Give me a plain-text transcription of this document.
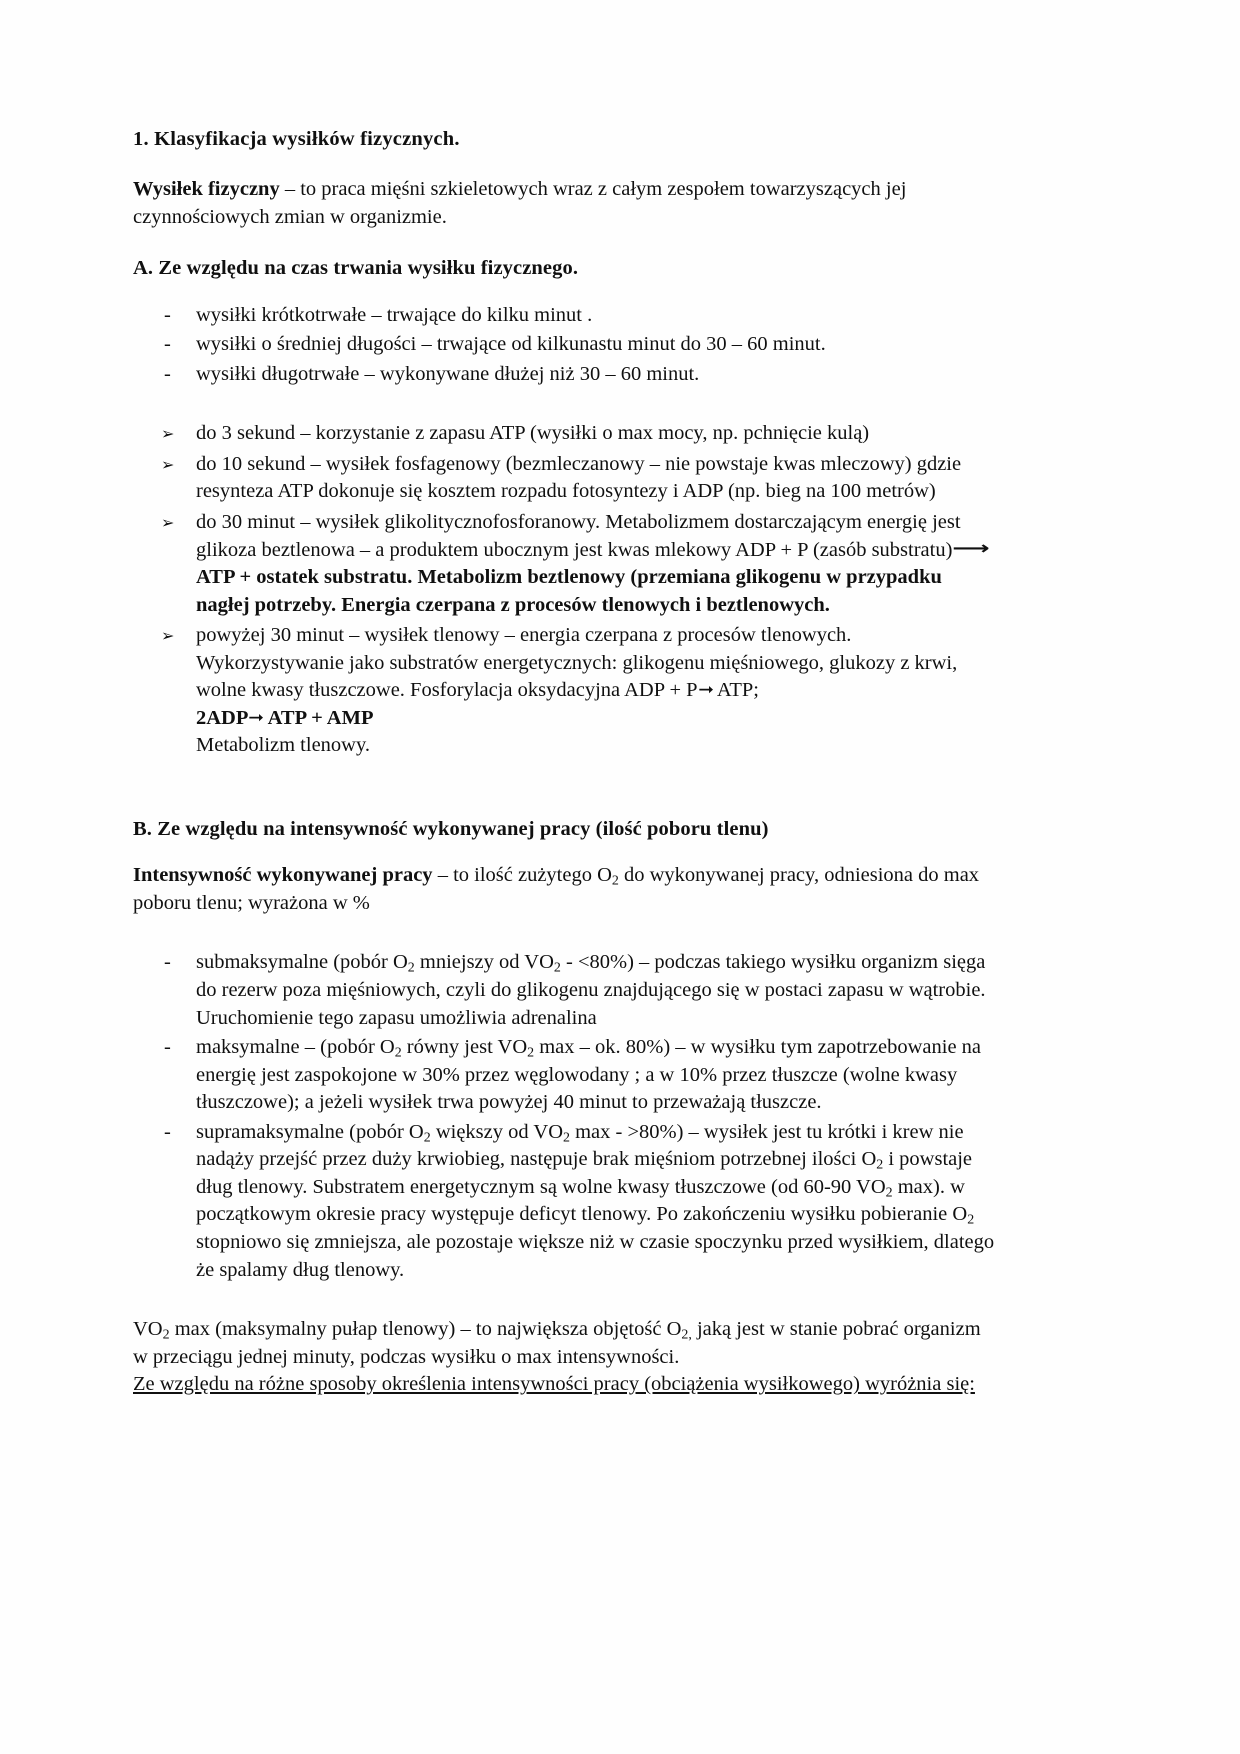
1. Klasyfikacja wysiłków fizycznych.

Wysiłek fizyczny – to praca mięśni szkieletowych wraz z całym zespołem towarzyszących jej czynnościowych zmian w organizmie.

A. Ze względu na czas trwania wysiłku fizycznego.
- wysiłki krótkotrwałe – trwające do kilku minut .
- wysiłki o średniej długości – trwające od kilkunastu minut do 30 – 60 minut.
- wysiłki długotrwałe – wykonywane dłużej niż 30 – 60 minut.
➢ do 3 sekund – korzystanie z zapasu ATP (wysiłki o max mocy, np. pchnięcie kulą)
➢ do 10 sekund – wysiłek fosfagenowy (bezmleczanowy – nie powstaje kwas mleczowy) gdzie resynteza ATP dokonuje się kosztem rozpadu fotosyntezy i ADP (np. bieg na 100 metrów)
➢ do 30 minut – wysiłek glikolitycznofosforanowy. Metabolizmem dostarczającym energię jest glikoza beztlenowa – a produktem ubocznym jest kwas mlekowy ADP + P (zasób substratu)⟶ATP + ostatek substratu. Metabolizm beztlenowy (przemiana glikogenu w przypadku nagłej potrzeby. Energia czerpana z procesów tlenowych i beztlenowych.
➢ powyżej 30 minut – wysiłek tlenowy – energia czerpana z procesów tlenowych. Wykorzystywanie jako substratów energetycznych: glikogenu mięśniowego, glukozy z krwi, wolne kwasy tłuszczowe. Fosforylacja oksydacyjna ADP + P➞ ATP;
2ADP➞ ATP + AMP
Metabolizm tlenowy.
B. Ze względu na intensywność wykonywanej pracy (ilość poboru tlenu)

Intensywność wykonywanej pracy – to ilość zużytego $O_2$ do wykonywanej pracy, odniesiona do max poboru tlenu; wyrażona w %

- submaksymalne (pobór $O_2$ mniejszy od $VO_2 - <80\%$) – podczas takiego wysiłku organizm sięga do rezerw poza mięśniowych, czyli do glikogenu znajdującego się w postaci zapasu w wątrobie. Uruchomienie tego zapasu umożliwia adrenalina
- maksymalne – (pobór $O_2$ równy jest $VO_2$ max – ok. 80%) – w wysiłku tym zapotrzebowanie na energię jest zaspokojone w 30% przez węglowodany ; a w 10% przez tłuszcze (wolne kwasy tłuszczowe); a jeżeli wysiłek trwa powyżej 40 minut to przeważają tłuszcze.
- supramaksymalne (pobór $O_2$ większy od $VO_2$ max - >80%) – wysiłek jest tu krótki i krew nie nadąży przejść przez duży krwiobieg, następuje brak mięśniom potrzebnej ilości $O_2$ i powstaje dług tlenowy. Substratem energetycznym są wolne kwasy tłuszczowe (od 60-90 $VO_2$ max). w początkowym okresie pracy występuje deficyt tlenowy. Po zakończeniu wysiłku pobieranie $O_2$ stopniowo się zmniejsza, ale pozostaje większe niż w czasie spoczynku przed wysiłkiem, dlatego że spalamy dług tlenowy.

$VO_2$ max (maksymalny pułap tlenowy) – to największa objętość $O_{2,}$ jaką jest w stanie pobrać organizm w przeciągu jednej minuty, podczas wysiłku o max intensywności.

Ze względu na różne sposoby określenia intensywności pracy (obciążenia wysiłkowego) wyróżnia się:
